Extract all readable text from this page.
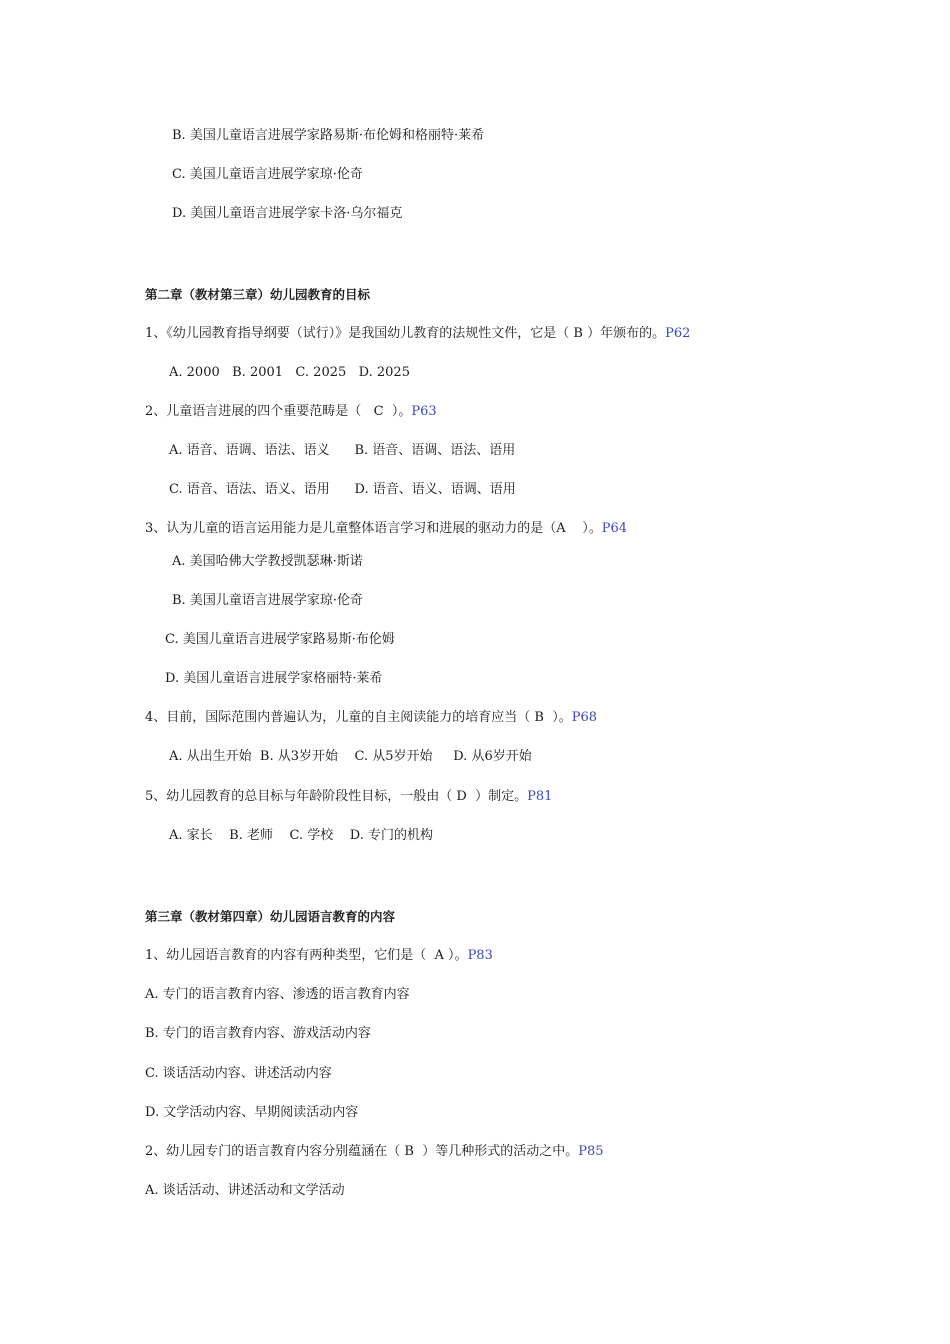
B. 美国儿童语言进展学家路易斯·布伦姆和格丽特·莱希
C. 美国儿童语言进展学家琼·伦奇
D. 美国儿童语言进展学家卡洛·乌尔福克
第二章（教材第三章）幼儿园教育的目标
1、《幼儿园教育指导纲要（试行）》是我国幼儿教育的法规性文件，它是（ B ）年颁布的。P62
A. 2000   B. 2001   C. 2025   D. 2025
2、儿童语言进展的四个重要范畴是（   C  ）。P63
A. 语音、语调、语法、语义      B. 语音、语调、语法、语用
C. 语音、语法、语义、语用      D. 语音、语义、语调、语用
3、认为儿童的语言运用能力是儿童整体语言学习和进展的驱动力的是（A    ）。P64
A. 美国哈佛大学教授凯瑟琳·斯诺
B. 美国儿童语言进展学家琼·伦奇
C. 美国儿童语言进展学家路易斯·布伦姆
D. 美国儿童语言进展学家格丽特·莱希
4、目前，国际范围内普遍认为，儿童的自主阅读能力的培育应当（ B  ）。P68
A. 从出生开始  B. 从3岁开始    C. 从5岁开始     D. 从6岁开始
5、幼儿园教育的总目标与年龄阶段性目标，一般由（ D  ）制定。P81
A. 家长    B. 老师    C. 学校    D. 专门的机构
第三章（教材第四章）幼儿园语言教育的内容
1、幼儿园语言教育的内容有两种类型，它们是（  A ）。P83
A. 专门的语言教育内容、渗透的语言教育内容
B. 专门的语言教育内容、游戏活动内容
C. 谈话活动内容、讲述活动内容
D. 文学活动内容、早期阅读活动内容
2、幼儿园专门的语言教育内容分别蕴涵在（ B  ）等几种形式的活动之中。P85
A. 谈话活动、讲述活动和文学活动
